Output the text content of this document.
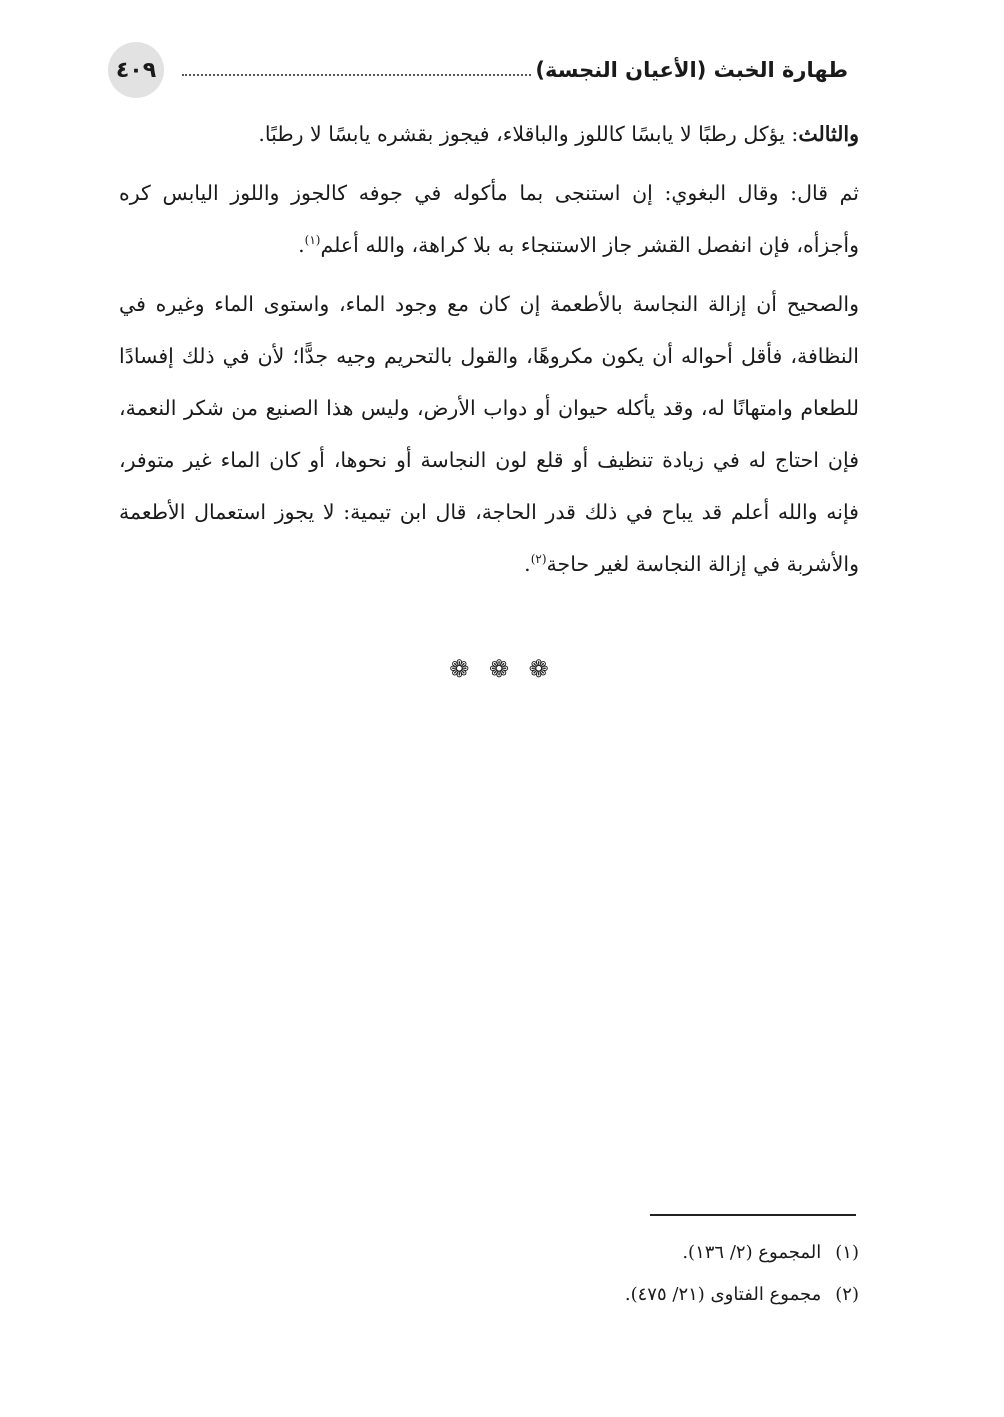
طهارة الخبث (الأعيان النجسة)
٤٠٩

والثالث: يؤكل رطبًا لا يابسًا كاللوز والباقلاء، فيجوز بقشره يابسًا لا رطبًا.

ثم قال: وقال البغوي: إن استنجى بما مأكوله في جوفه كالجوز واللوز اليابس كره وأجزأه، فإن انفصل القشر جاز الاستنجاء به بلا كراهة، والله أعلم$^{(١)}$.

والصحيح أن إزالة النجاسة بالأطعمة إن كان مع وجود الماء، واستوى الماء وغيره في النظافة، فأقل أحواله أن يكون مكروهًا، والقول بالتحريم وجيه جدًّا؛ لأن في ذلك إفسادًا للطعام وامتهانًا له، وقد يأكله حيوان أو دواب الأرض، وليس هذا الصنيع من شكر النعمة، فإن احتاج له في زيادة تنظيف أو قلع لون النجاسة أو نحوها، أو كان الماء غير متوفر، فإنه والله أعلم قد يباح في ذلك قدر الحاجة، قال ابن تيمية: لا يجوز استعمال الأطعمة والأشربة في إزالة النجاسة لغير حاجة$^{(٢)}$.

❁ ❁ ❁
(١)
المجموع (٢/ ١٣٦).
(٢)
مجموع الفتاوى (٢١/ ٤٧٥).
